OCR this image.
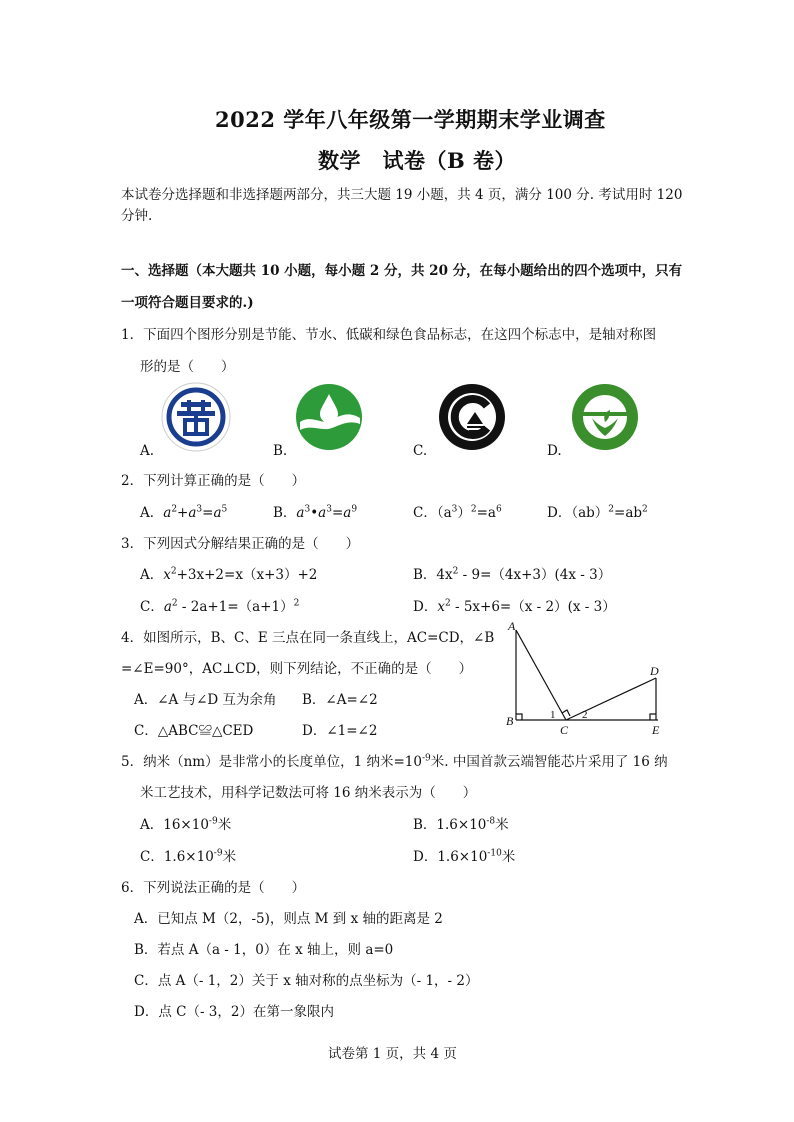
2022 学年八年级第一学期期末学业调查
数学　试卷（B 卷）
本试卷分选择题和非选择题两部分，共三大题 19 小题，共 4 页，满分 100 分. 考试用时 120
分钟.
一、选择题（本大题共 10 小题，每小题 2 分，共 20 分，在每小题给出的四个选项中，只有
一项符合题目要求的.)
1．下面四个图形分别是节能、节水、低碳和绿色食品标志，在这四个标志中，是轴对称图
形的是（　　）
A.	B.	C.	D.
2．下列计算正确的是（　　）
A．$a^2+a^3=a^5$	B．$a^3•a^3=a^9$	C．$(a^3)^2=a^6$	D．$(ab)^2=ab^2$
3．下列因式分解结果正确的是（　　）
A．$x^2+3x+2=x(x+3)+2$	B．$4x^2 - 9=(4x+3)(4x - 3)$
C．$a^2 - 2a+1=(a+1)^2$	D．$x^2 - 5x+6=(x - 2)(x - 3)$
4．如图所示，B、C、E 三点在同一条直线上，AC=CD，∠B
=∠E=90°，AC⊥CD，则下列结论，不正确的是（　　）
A．∠A 与∠D 互为余角 B．∠A=∠2
C．△ABC≌△CED	D．∠1=∠2
A
B
C
D
E
1 2
5．纳米（nm）是非常小的长度单位，1 纳米$=10^{-9}$米. 中国首款云端智能芯片采用了 16 纳
米工艺技术，用科学记数法可将 16 纳米表示为（　　）
A．$16\times 10^{-9}$米	B．$1.6\times 10^{-8}$米
C．$1.6\times 10^{-9}$米	D．$1.6\times 10^{-10}$米
6．下列说法正确的是（　　）
A．已知点 M（2，-5)，则点 M 到 x 轴的距离是 2
B．若点 A（a - 1，0）在 x 轴上，则 a=0
C．点 A（- 1，2）关于 x 轴对称的点坐标为（- 1，- 2）
D．点 C（- 3，2）在第一象限内
试卷第 1 页，共 4 页
